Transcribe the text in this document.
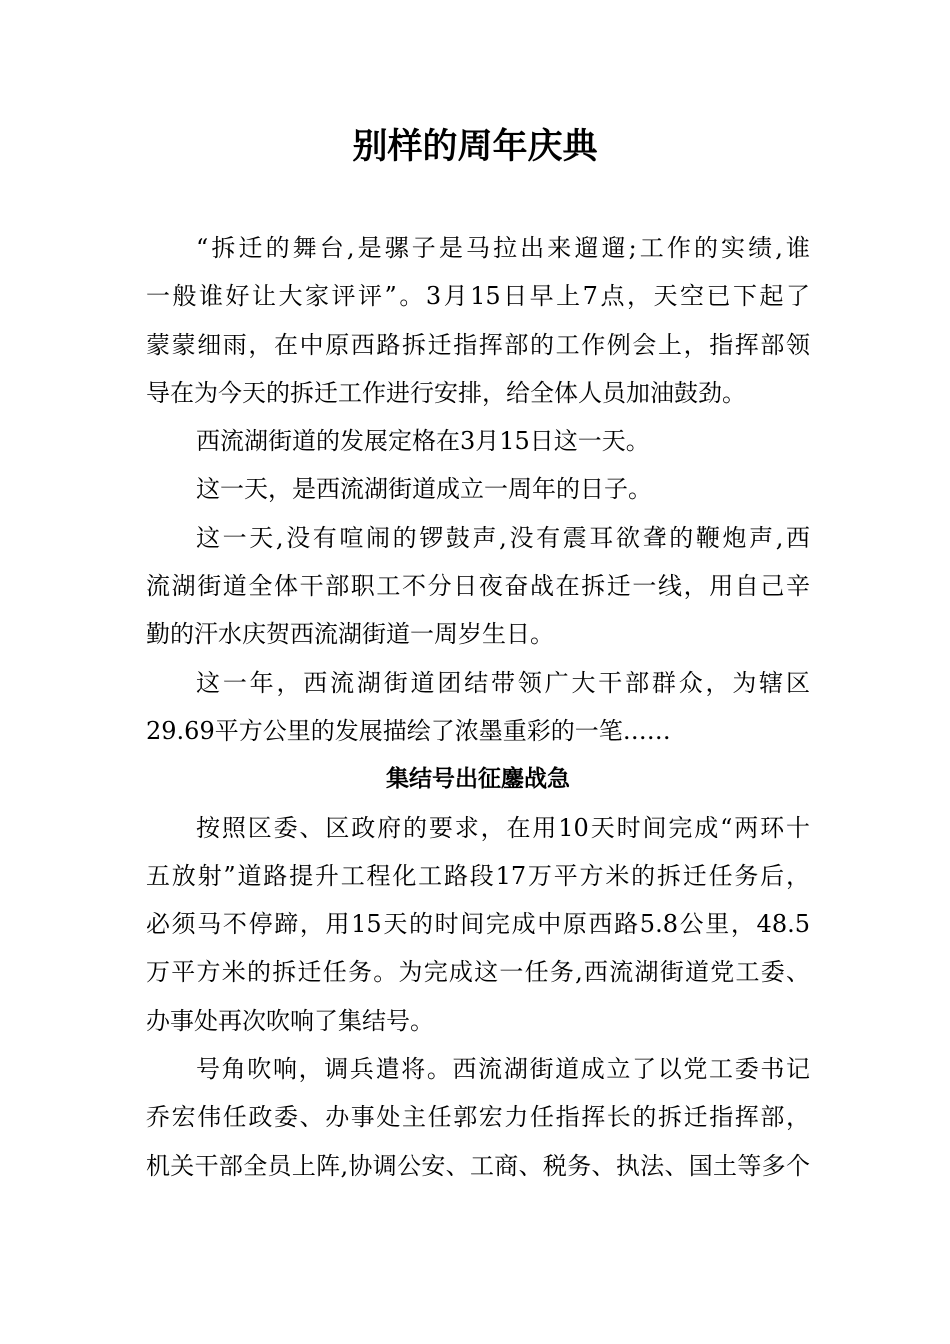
别样的周年庆典

“拆迁的舞台,是骡子是马拉出来遛遛;工作的实绩,谁
一般谁好让大家评评”。3月15日早上7点，天空已下起了
蒙蒙细雨，在中原西路拆迁指挥部的工作例会上，指挥部领
导在为今天的拆迁工作进行安排，给全体人员加油鼓劲。

西流湖街道的发展定格在3月15日这一天。

这一天，是西流湖街道成立一周年的日子。

这一天,没有喧闹的锣鼓声,没有震耳欲聋的鞭炮声,西
流湖街道全体干部职工不分日夜奋战在拆迁一线，用自己辛
勤的汗水庆贺西流湖街道一周岁生日。

这一年，西流湖街道团结带领广大干部群众，为辖区
29.69平方公里的发展描绘了浓墨重彩的一笔……

集结号出征鏖战急

按照区委、区政府的要求，在用10天时间完成“两环十
五放射”道路提升工程化工路段17万平方米的拆迁任务后，
必须马不停蹄，用15天的时间完成中原西路5.8公里，48.5
万平方米的拆迁任务。为完成这一任务,西流湖街道党工委、
办事处再次吹响了集结号。

号角吹响，调兵遣将。西流湖街道成立了以党工委书记
乔宏伟任政委、办事处主任郭宏力任指挥长的拆迁指挥部，
机关干部全员上阵,协调公安、工商、税务、执法、国土等多个
